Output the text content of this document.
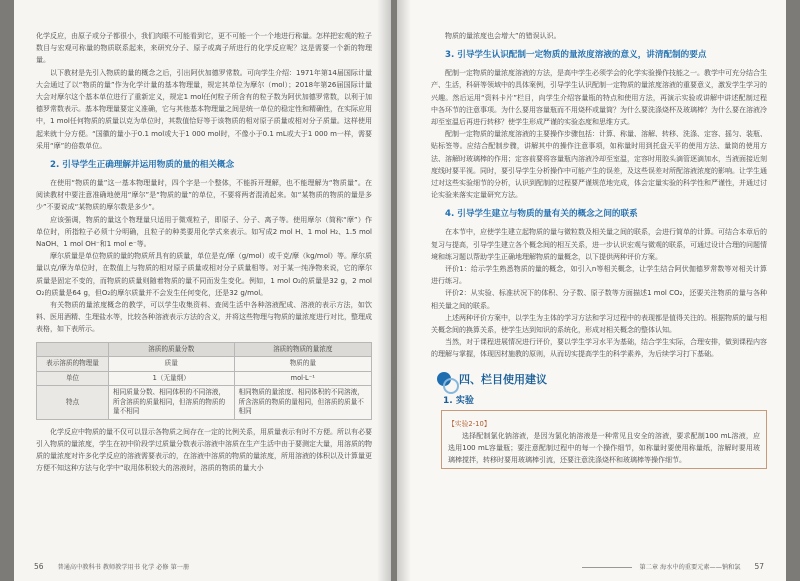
化学反应，由原子或分子都很小，我们肉眼不可能看到它，更不可能一个一个地进行称量。怎样把宏观的粒子数目与宏观可称量的物质联系起来，来研究分子、原子或离子所进行的化学反应呢？这是需要一个新的物理量。

以下教材是先引入物质的量的概念之后，引出阿伏加德罗常数。可向学生介绍：1971年第14届国际计量大会通过了以“物质的量”作为化学计量的基本物理量，规定其单位为摩尔（mol）；2018年第26届国际计量大会对摩尔这个基本单位进行了重新定义，规定1 mol任何粒子所含有的粒子数为阿伏加德罗常数，以利于加德罗常数表示。基本物理量要定义准确，它与其他基本物理量之间是统一单位的稳定性和精确性，在实际应用中，1 mol任何物质的质量以克为单位时，其数值恰好等于该物质的相对原子质量或相对分子质量。这样使用起来就十分方便。“国徽的量小于0.1 mol或大于1 000 mol时，不像小于0.1 mL或大于1 000 m一样，需要采用“摩”的倍数单位。

2. 引导学生正确理解并运用物质的量的相关概念

在使用“物质的量”这一基本物理量时，四个字是一个整体，不能拆开理解，也不能理解为“物质量”。在阅读教材中要注意准确地使用“摩尔”是“物质的量”的单位，不要将两者混淆起来。如“某物质的物质的量是多少”不要说成“某物质的摩尔数是多少”。

应该强调，物质的量这个物理量只适用于微观粒子，即原子、分子、离子等。使用摩尔（简称“摩”）作单位时，所指粒子必须十分明确，且粒子的种类要用化学式来表示。如写成2 mol H、1 mol H₂、1.5 mol NaOH、1 mol OH⁻和1 mol e⁻等。

摩尔质量是单位物质的量的物质所具有的质量，单位是克/摩（g/mol）或千克/摩（kg/mol）等。摩尔质量以克/摩为单位时，在数值上与物质的相对原子质量或相对分子质量相等。对于某一纯净物来说，它的摩尔质量是固定不变的，而物质的质量则随着物质的量不同而发生变化。例如，1 mol O₂的质量是32 g，2 mol O₂的质量是64 g，但O₂的摩尔质量并不会发生任何变化，还是32 g/mol。

有关物质的量浓度概念的教学，可以学生收集资料、查阅生活中各种溶液配成、溶液的表示方法，如饮料、医用酒精、生理盐水等，比较各种溶液表示方法的含义，并将这些物理与物质的量浓度进行对比，整理成表格，如下表所示。

	溶质的质量分数	溶质的物质的量浓度
表示溶质的物理量	质量	物质的量
单位	1（无量纲）	mol·L⁻¹
特点	相同质量分数、相同体积的不同溶液，所含溶质的质量相同，但溶质的物质的量不相同	相同物质的量浓度、相同体积的不同溶液，所含溶质的物质的量相同，但溶质的质量不相同

化学反应中物质的量不仅可以显示各物质之间存在一定的比例关系，用质量表示有时不方便。所以有必要引入物质的量浓度，学生在初中阶段学过质量分数表示溶液中溶质在生产生活中由于要测定大量，用溶质的物质的量浓度对许多化学反应的溶液需要表示的，在溶液中溶质的物质的量浓度，所用溶液的体积以及计算量更方便不知这种方法与化学中“取用体积较大的溶液时，溶质的物质的量大小

56 普通高中教科书 教师教学用书 化学 必修 第一册

物质的量浓度也会增大”的错误认识。

3. 引导学生认识配制一定物质的量浓度溶液的意义，讲清配制的要点

配制一定物质的量浓度溶液的方法，是高中学生必须学会的化学实验操作技能之一。教学中可充分结合生产、生活，科研等领域中的具体案例，引导学生认识配制一定物质的量浓度溶液的重要意义，激发学生学习的兴趣。然后运用“资料卡片”栏目，向学生介绍容量瓶的特点和使用方法，再演示实验或讲解中讲述配制过程中各环节的注意事项。为什么要用容量瓶而不用烧杯或量筒？为什么要洗涤烧杯及玻璃棒？为什么要在溶液冷却至室温后再进行转移？使学生形成严谨的实验态度和思维方式。

配制一定物质的量浓度溶液的主要操作步骤包括：计算、称量、溶解、转移、洗涤、定容、摇匀、装瓶、贴标签等。应结合配制步骤，讲解其中的操作注意事项，如称量时用到托盘天平的使用方法、量筒的使用方法、溶解时玻璃棒的作用；定容前要将容量瓶内溶液冷却至室温，定容时用胶头滴管逐滴加水，当液面接近刻度线时要平视。同时，要引导学生分析操作中可能产生的误差，及这些误差对所配溶液浓度的影响。让学生通过对这些实验细节的分析，认识到配制的过程要严谨规范地完成，体会定量实验的科学性和严谨性，并通过讨论实验来落实定量研究方法。

4. 引导学生建立与物质的量有关的概念之间的联系

在本节中，应使学生建立起物质的量与微粒数及相关量之间的联系，会进行简单的计算。可结合本章后的复习与提高，引导学生建立各个概念间的相互关系，进一步认识宏观与微观的联系，可通过设计合理的问题情境和练习题以帮助学生正确地理解物质的量概念，以下提供两种评价方案。

评价1：给示学生熟悉物质的量的概念，如引入n等相关概念，让学生结合阿伏伽德罗常数等对相关计算进行练习。

评价2：从实验、标准状况下的体积、分子数、原子数等方面描述1 mol CO₂，还要关注物质的量与各种相关量之间的联系。

上述两种评价方案中，以学生为主体的学习方法和学习过程中的表现都是值得关注的。根据物质的量与相关概念间的换算关系，使学生达到知识的系统化，形成对相关概念的整体认知。

当然，对于课程进展情况进行评价，要以学生学习水平为基础，结合学生实际，合理安排，做到课程内容的理解与掌握，体现因材施教的原则，从而切实提高学生的科学素养，为后续学习打下基础。

四、栏目使用建议
1. 实验
【实验2-10】

选择配制氯化钠溶液，是因为氯化钠溶液是一种常见且安全的溶液，要求配制100 mL溶液，应选用100 mL容量瓶；要注意配制过程中的每一个操作细节，如称量时要使用称量纸，溶解时要用玻璃棒搅拌，转移时要用玻璃棒引流，还要注意洗涤烧杯和玻璃棒等操作细节。

第二章 海水中的重要元素——钠和氯 57
